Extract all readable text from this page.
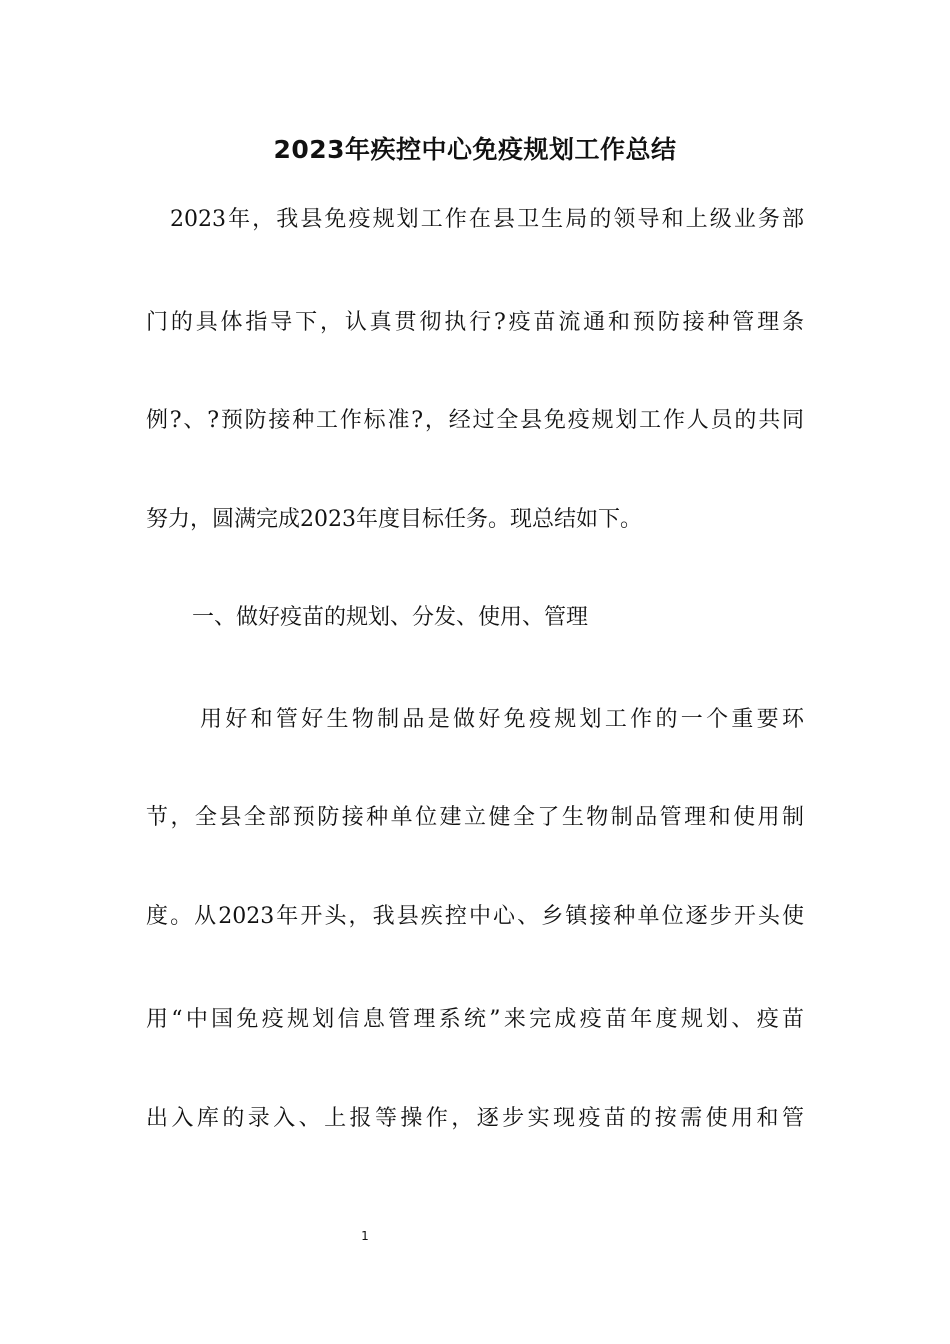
2023年疾控中心免疫规划工作总结
2023年，我县免疫规划工作在县卫生局的领导和上级业务部
门的具体指导下，认真贯彻执行?疫苗流通和预防接种管理条
例?、?预防接种工作标准?，经过全县免疫规划工作人员的共同
努力，圆满完成2023年度目标任务。现总结如下。
一、做好疫苗的规划、分发、使用、管理
用好和管好生物制品是做好免疫规划工作的一个重要环
节，全县全部预防接种单位建立健全了生物制品管理和使用制
度。从2023年开头，我县疾控中心、乡镇接种单位逐步开头使
用“中国免疫规划信息管理系统”来完成疫苗年度规划、疫苗
出入库的录入、上报等操作，逐步实现疫苗的按需使用和管
1
